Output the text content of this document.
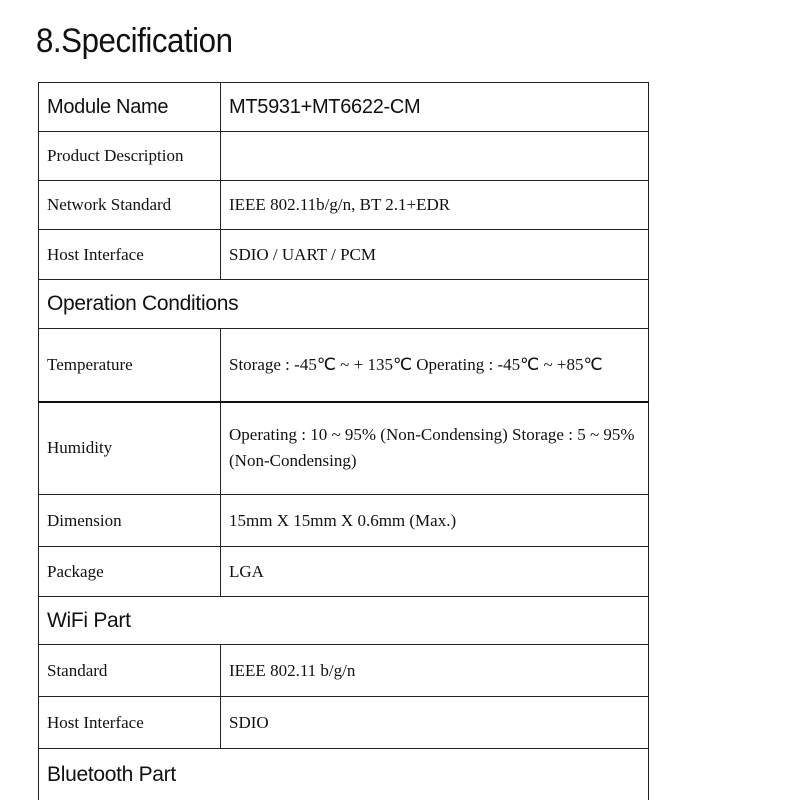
8.Specification
Module Name	MT5931+MT6622-CM
Product Description	
Network Standard	IEEE 802.11b/g/n, BT 2.1+EDR
Host Interface	SDIO / UART / PCM
Operation Conditions	
Temperature	Storage : -45℃ ~ + 135℃ Operating : -45℃ ~ +85℃
Humidity	Operating : 10 ~ 95% (Non-Condensing) Storage : 5 ~ 95% (Non-Condensing)
Dimension	15mm X 15mm X 0.6mm (Max.)
Package	LGA
WiFi Part	
Standard	IEEE 802.11 b/g/n
Host Interface	SDIO
Bluetooth Part	
